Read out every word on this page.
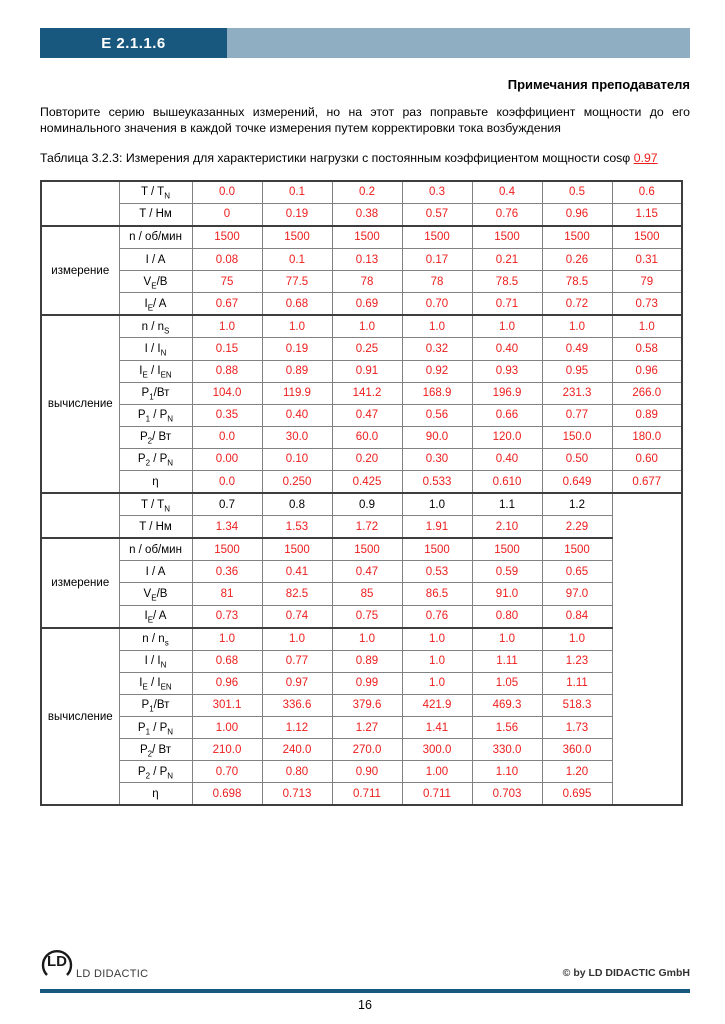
E 2.1.1.6
Примечания преподавателя

Повторите серию вышеуказанных измерений, но на этот раз поправьте коэффициент мощности до его номинального значения в каждой точке измерения путем корректировки тока возбуждения

Таблица 3.2.3: Измерения для характеристики нагрузки с постоянным коэффициентом мощности cosφ 0.97

	T / $T_N$	0.0	0.1	0.2	0.3	0.4	0.5	0.6
	T / Нм	0	0.19	0.38	0.57	0.76	0.96	1.15
измерение	n / об/мин	1500	1500	1500	1500	1500	1500	1500
	I / A	0.08	0.1	0.13	0.17	0.21	0.26	0.31
	$V_E/В$	75	77.5	78	78	78.5	78.5	79
	$I_E/$ A	0.67	0.68	0.69	0.70	0.71	0.72	0.73
вычисление	n / $n_S$	1.0	1.0	1.0	1.0	1.0	1.0	1.0
	I / $I_N$	0.15	0.19	0.25	0.32	0.40	0.49	0.58
	$I_E / I_{EN}$	0.88	0.89	0.91	0.92	0.93	0.95	0.96
	$P_1/Вт$	104.0	119.9	141.2	168.9	196.9	231.3	266.0
	$P_1 / P_N$	0.35	0.40	0.47	0.56	0.66	0.77	0.89
	$P_2/$ Вт	0.0	30.0	60.0	90.0	120.0	150.0	180.0
	$P_2 / P_N$	0.00	0.10	0.20	0.30	0.40	0.50	0.60
	η	0.0	0.250	0.425	0.533	0.610	0.649	0.677
	T / $T_N$	0.7	0.8	0.9	1.0	1.1	1.2	
	T / Нм	1.34	1.53	1.72	1.91	2.10	2.29	
измерение	n / об/мин	1500	1500	1500	1500	1500	1500	
	I / A	0.36	0.41	0.47	0.53	0.59	0.65	
	$V_E/В$	81	82.5	85	86.5	91.0	97.0	
	$I_E/$ A	0.73	0.74	0.75	0.76	0.80	0.84	
вычисление	n / $n_s$	1.0	1.0	1.0	1.0	1.0	1.0	
	I / $I_N$	0.68	0.77	0.89	1.0	1.11	1.23	
	$I_E / I_{EN}$	0.96	0.97	0.99	1.0	1.05	1.11	
	$P_1/Вт$	301.1	336.6	379.6	421.9	469.3	518.3	
	$P_1 / P_N$	1.00	1.12	1.27	1.41	1.56	1.73	
	$P_2/$ Вт	210.0	240.0	270.0	300.0	330.0	360.0	
	$P_2 / P_N$	0.70	0.80	0.90	1.00	1.10	1.20	
	η	0.698	0.713	0.711	0.711	0.703	0.695	
LD
LD DIDACTIC	© by LD DIDACTIC GmbH
16
